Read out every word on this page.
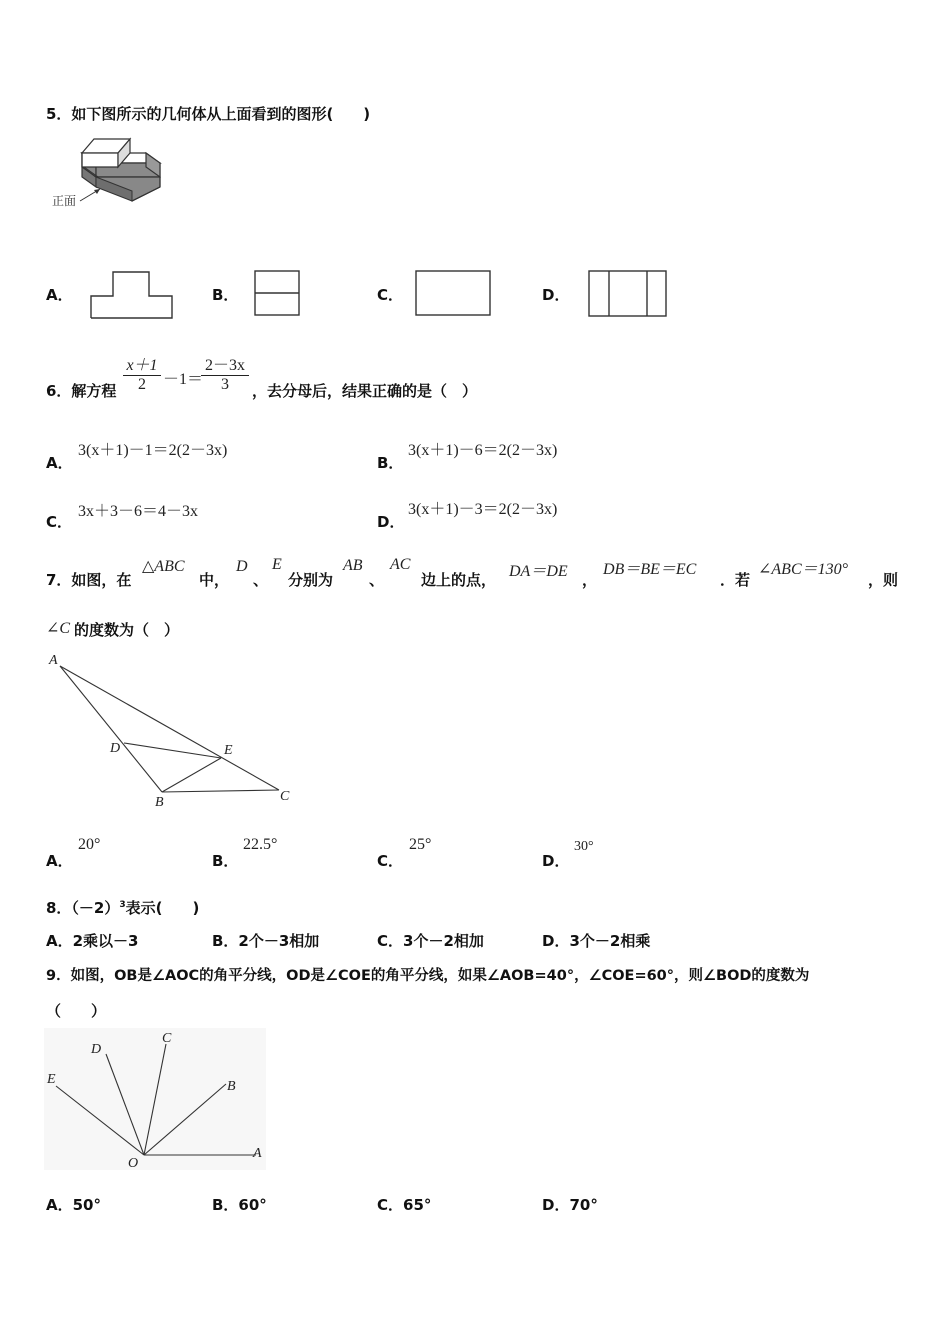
5．如下图所示的几何体从上面看到的图形(　　)
正面
A．	B．	C．	D．
6．解方程
x＋1
2	－1＝
2－3x
3	，去分母后，结果正确的是（　）
A．
3(x＋1)－1＝2(2－3x)
B．
3(x＋1)－6＝2(2－3x)
C．
3x＋3－6＝4－3x
D．
3(x＋1)－3＝2(2－3x)
7．如图，在
△ABC
中，
D
、
E
分别为
AB
、
AC
边上的点， DA＝DE ，
DB＝BE＝EC
．若
∠ABC＝130°
，则
∠C 的度数为（　）
A
D	E
B	C
A．
20°
B．
22.5°
C．
25°
D．
30°
8．$(-2)^3$表示(　　)
A．2乘以－3	B．2个－3相加	C．3个－2相加	D．3个－2相乘
9．如图，OB是∠AOC的角平分线，OD是∠COE的角平分线，如果∠AOB=40°，∠COE=60°，则∠BOD的度数为
（　　）
E
D
C
B
A
O
A．50°	B．60°	C．65°	D．70°
